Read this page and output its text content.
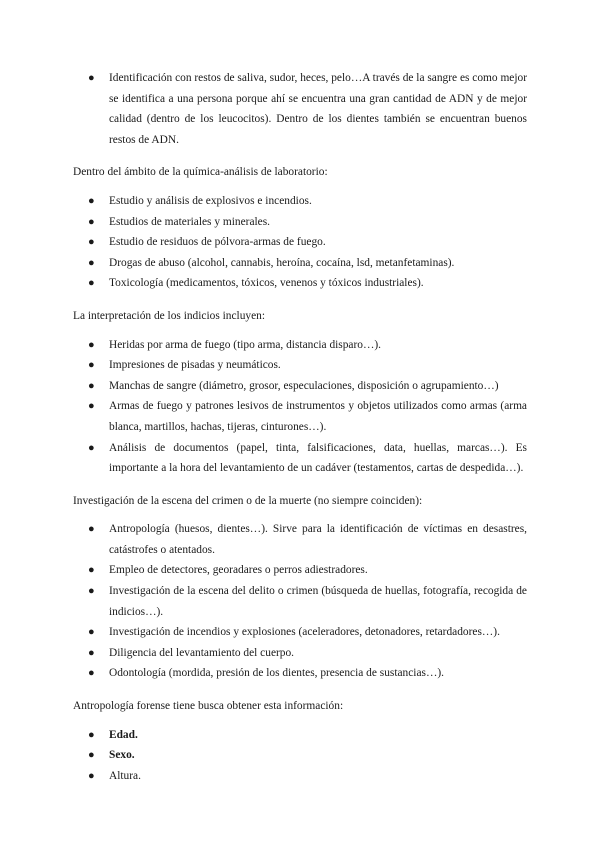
● Identificación con restos de saliva, sudor, heces, pelo…A través de la sangre es como mejor se identifica a una persona porque ahí se encuentra una gran cantidad de ADN y de mejor calidad (dentro de los leucocitos). Dentro de los dientes también se encuentran buenos restos de ADN.

Dentro del ámbito de la química-análisis de laboratorio:

● Estudio y análisis de explosivos e incendios.
● Estudios de materiales y minerales.
● Estudio de residuos de pólvora-armas de fuego.
● Drogas de abuso (alcohol, cannabis, heroína, cocaína, lsd, metanfetaminas).
● Toxicología (medicamentos, tóxicos, venenos y tóxicos industriales).

La interpretación de los indicios incluyen:

● Heridas por arma de fuego (tipo arma, distancia disparo…).
● Impresiones de pisadas y neumáticos.
● Manchas de sangre (diámetro, grosor, especulaciones, disposición o agrupamiento…)
● Armas de fuego y patrones lesivos de instrumentos y objetos utilizados como armas (arma blanca, martillos, hachas, tijeras, cinturones…).
● Análisis de documentos (papel, tinta, falsificaciones, data, huellas, marcas…). Es importante a la hora del levantamiento de un cadáver (testamentos, cartas de despedida…).

Investigación de la escena del crimen o de la muerte (no siempre coinciden):

● Antropología (huesos, dientes…). Sirve para la identificación de víctimas en desastres, catástrofes o atentados.
● Empleo de detectores, georadares o perros adiestradores.
● Investigación de la escena del delito o crimen (búsqueda de huellas, fotografía, recogida de indicios…).
● Investigación de incendios y explosiones (aceleradores, detonadores, retardadores…).
● Diligencia del levantamiento del cuerpo.
● Odontología (mordida, presión de los dientes, presencia de sustancias…).

Antropología forense tiene busca obtener esta información:

● Edad.
● Sexo.
● Altura.
